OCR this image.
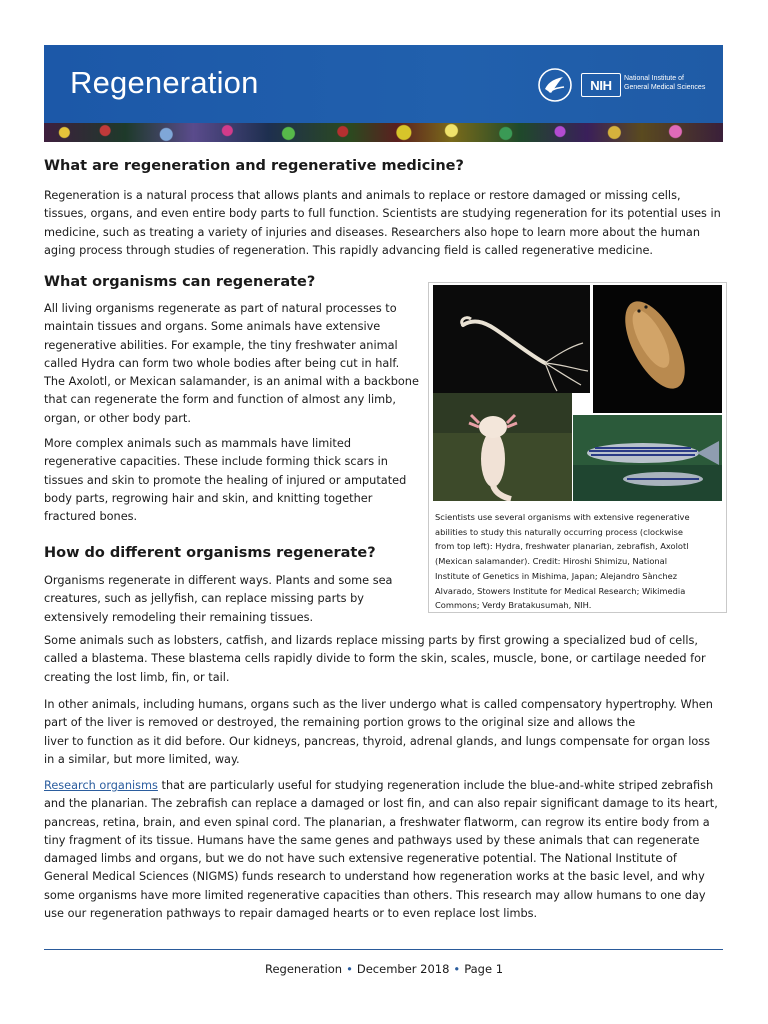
Regeneration	NIH	National Institute of
General Medical Sciences
What are regeneration and regenerative medicine?

Regeneration is a natural process that allows plants and animals to replace or restore damaged or missing cells,
tissues, organs, and even entire body parts to full function. Scientists are studying regeneration for its potential uses in
medicine, such as treating a variety of injuries and diseases. Researchers also hope to learn more about the human
aging process through studies of regeneration. This rapidly advancing field is called regenerative medicine.

What organisms can regenerate?

All living organisms regenerate as part of natural processes to
maintain tissues and organs. Some animals have extensive
regenerative abilities. For example, the tiny freshwater animal
called Hydra can form two whole bodies after being cut in half.
The Axolotl, or Mexican salamander, is an animal with a backbone
that can regenerate the form and function of almost any limb,
organ, or other body part.

More complex animals such as mammals have limited
regenerative capacities. These include forming thick scars in
tissues and skin to promote the healing of injured or amputated
body parts, regrowing hair and skin, and knitting together
fractured bones.	Scientists use several organisms with extensive regenerative
abilities to study this naturally occurring process (clockwise
from top left): Hydra, freshwater planarian, zebrafish, Axolotl
(Mexican salamander). Credit: Hiroshi Shimizu, National
Institute of Genetics in Mishima, Japan; Alejandro Sànchez
Alvarado, Stowers Institute for Medical Research; Wikimedia
Commons; Verdy Bratakusumah, NIH.

How do different organisms regenerate?

Organisms regenerate in different ways. Plants and some sea
creatures, such as jellyfish, can replace missing parts by
extensively remodeling their remaining tissues.

Some animals such as lobsters, catfish, and lizards replace missing parts by first growing a specialized bud of cells,
called a blastema. These blastema cells rapidly divide to form the skin, scales, muscle, bone, or cartilage needed for
creating the lost limb, fin, or tail.

In other animals, including humans, organs such as the liver undergo what is called compensatory hypertrophy. When
part of the liver is removed or destroyed, the remaining portion grows to the original size and allows the
liver to function as it did before. Our kidneys, pancreas, thyroid, adrenal glands, and lungs compensate for organ loss
in a similar, but more limited, way.

Research organisms that are particularly useful for studying regeneration include the blue-and-white striped zebrafish
and the planarian. The zebrafish can replace a damaged or lost fin, and can also repair significant damage to its heart,
pancreas, retina, brain, and even spinal cord. The planarian, a freshwater flatworm, can regrow its entire body from a
tiny fragment of its tissue. Humans have the same genes and pathways used by these animals that can regenerate
damaged limbs and organs, but we do not have such extensive regenerative potential. The National Institute of
General Medical Sciences (NIGMS) funds research to understand how regeneration works at the basic level, and why
some organisms have more limited regenerative capacities than others. This research may allow humans to one day
use our regeneration pathways to repair damaged hearts or to even replace lost limbs.

Regeneration • December 2018 • Page 1
